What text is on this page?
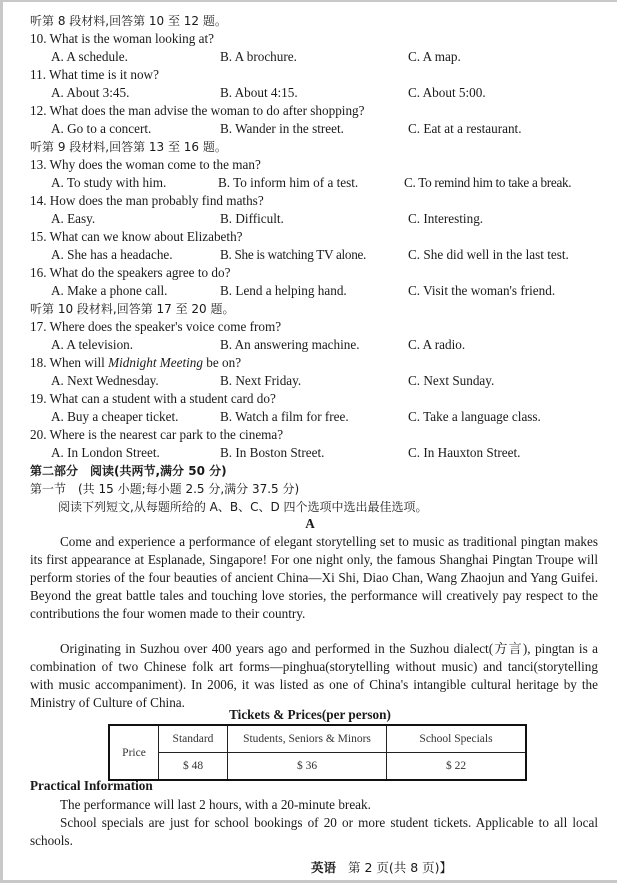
听第 8 段材料,回答第 10 至 12 题。
10. What is the woman looking at?
A. A schedule.	B. A brochure.	C. A map.
11. What time is it now?
A. About 3:45.	B. About 4:15.	C. About 5:00.
12. What does the man advise the woman to do after shopping?
A. Go to a concert.	B. Wander in the street.	C. Eat at a restaurant.
听第 9 段材料,回答第 13 至 16 题。
13. Why does the woman come to the man?
A. To study with him.	B. To inform him of a test.	C. To remind him to take a break.
14. How does the man probably find maths?
A. Easy.	B. Difficult.	C. Interesting.
15. What can we know about Elizabeth?
A. She has a headache.	B. She is watching TV alone.	C. She did well in the last test.
16. What do the speakers agree to do?
A. Make a phone call.	B. Lend a helping hand.	C. Visit the woman's friend.
听第 10 段材料,回答第 17 至 20 题。
17. Where does the speaker's voice come from?
A. A television.	B. An answering machine.	C. A radio.
18. When will Midnight Meeting be on?
A. Next Wednesday.	B. Next Friday.	C. Next Sunday.
19. What can a student with a student card do?
A. Buy a cheaper ticket.	B. Watch a film for free.	C. Take a language class.
20. Where is the nearest car park to the cinema?
A. In London Street.	B. In Boston Street.	C. In Hauxton Street.
第二部分　阅读(共两节,满分 50 分)
第一节　(共 15 小题;每小题 2.5 分,满分 37.5 分)
阅读下列短文,从每题所给的 A、B、C、D 四个选项中选出最佳选项。
A
Come and experience a performance of elegant storytelling set to music as traditional pingtan makes its first appearance at Esplanade, Singapore! For one night only, the famous Shanghai Pingtan Troupe will perform stories of the four beauties of ancient China—Xi Shi, Diao Chan, Wang Zhaojun and Yang Guifei. Beyond the great battle tales and touching love stories, the performance will creatively pay respect to the contributions the four women made to their country.
Originating in Suzhou over 400 years ago and performed in the Suzhou dialect(方言), pingtan is a combination of two Chinese folk art forms—pinghua(storytelling without music) and tanci(storytelling with music accompaniment). In 2006, it was listed as one of China's intangible cultural heritage by the Ministry of Culture of China.
Tickets & Prices(per person)
Price	Standard	Students, Seniors & Minors	School Specials
	$ 48	$ 36	$ 22
Practical Information
The performance will last 2 hours, with a 20-minute break.
School specials are just for school bookings of 20 or more student tickets. Applicable to all local schools.
英语 第 2 页(共 8 页)】
